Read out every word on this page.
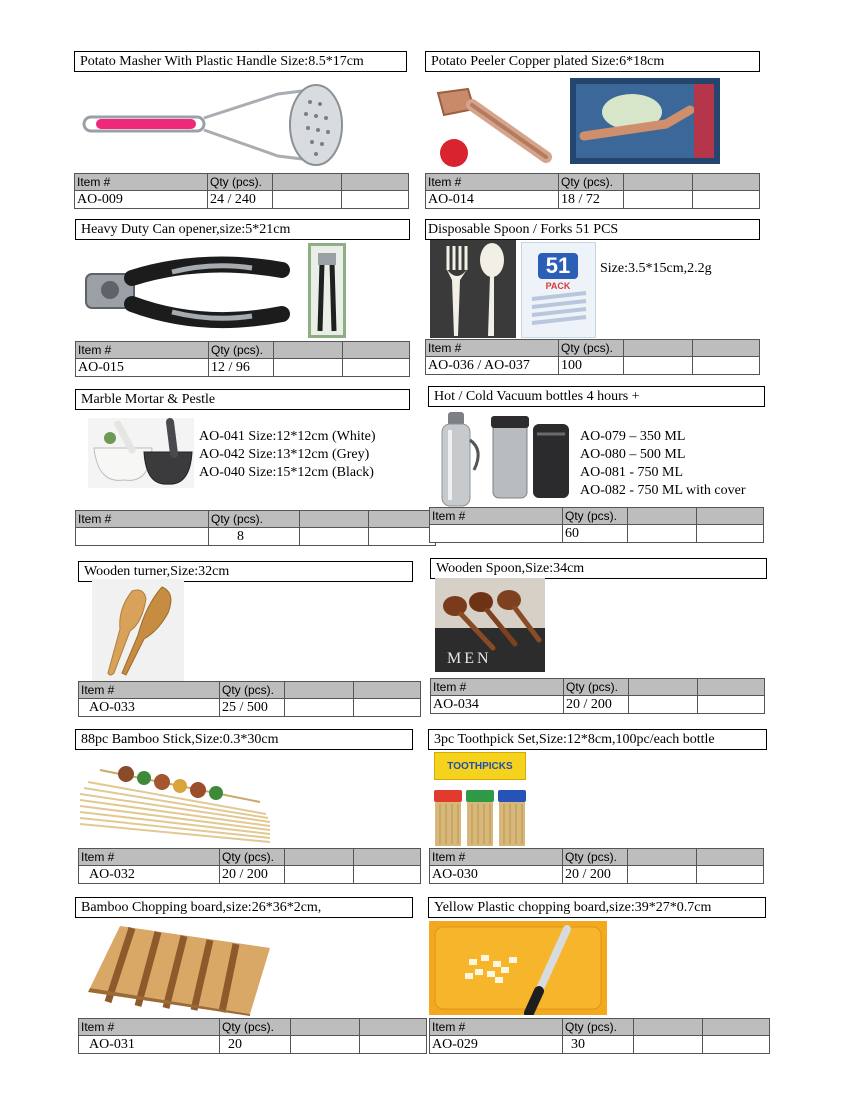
Potato Masher With Plastic Handle Size:8.5*17cm
Item #	Qty (pcs).		
AO-009	24 / 240		
Potato Peeler Copper plated Size:6*18cm
Item #	Qty (pcs).		
AO-014	18 / 72		
Heavy Duty Can opener,size:5*21cm
Item #	Qty (pcs).		
AO-015	12 / 96		
Disposable Spoon / Forks 51 PCS
51
PACK
Size:3.5*15cm,2.2g
Item #	Qty (pcs).		
AO-036 / AO-037	100		
Marble Mortar & Pestle
AO-041 Size:12*12cm (White)
AO-042 Size:13*12cm (Grey)
AO-040 Size:15*12cm (Black)
Item #	Qty (pcs).		
	8		
Hot / Cold Vacuum bottles 4 hours +
AO-079 – 350 ML
AO-080 – 500 ML
AO-081 - 750 ML
AO-082 - 750 ML with cover
Item #	Qty (pcs).		
	60		
Wooden turner,Size:32cm
Item #	Qty (pcs).		
AO-033	25 / 500		
Wooden Spoon,Size:34cm
MEN
Item #	Qty (pcs).		
AO-034	20 / 200		
88pc Bamboo Stick,Size:0.3*30cm
Item #	Qty (pcs).		
AO-032	20 / 200		
3pc Toothpick Set,Size:12*8cm,100pc/each bottle
TOOTHPICKS
Item #	Qty (pcs).		
AO-030	20 / 200		
Bamboo Chopping board,size:26*36*2cm,
Item #	Qty (pcs).		
AO-031	20		
Yellow Plastic chopping board,size:39*27*0.7cm
Item #	Qty (pcs).		
AO-029	30		
